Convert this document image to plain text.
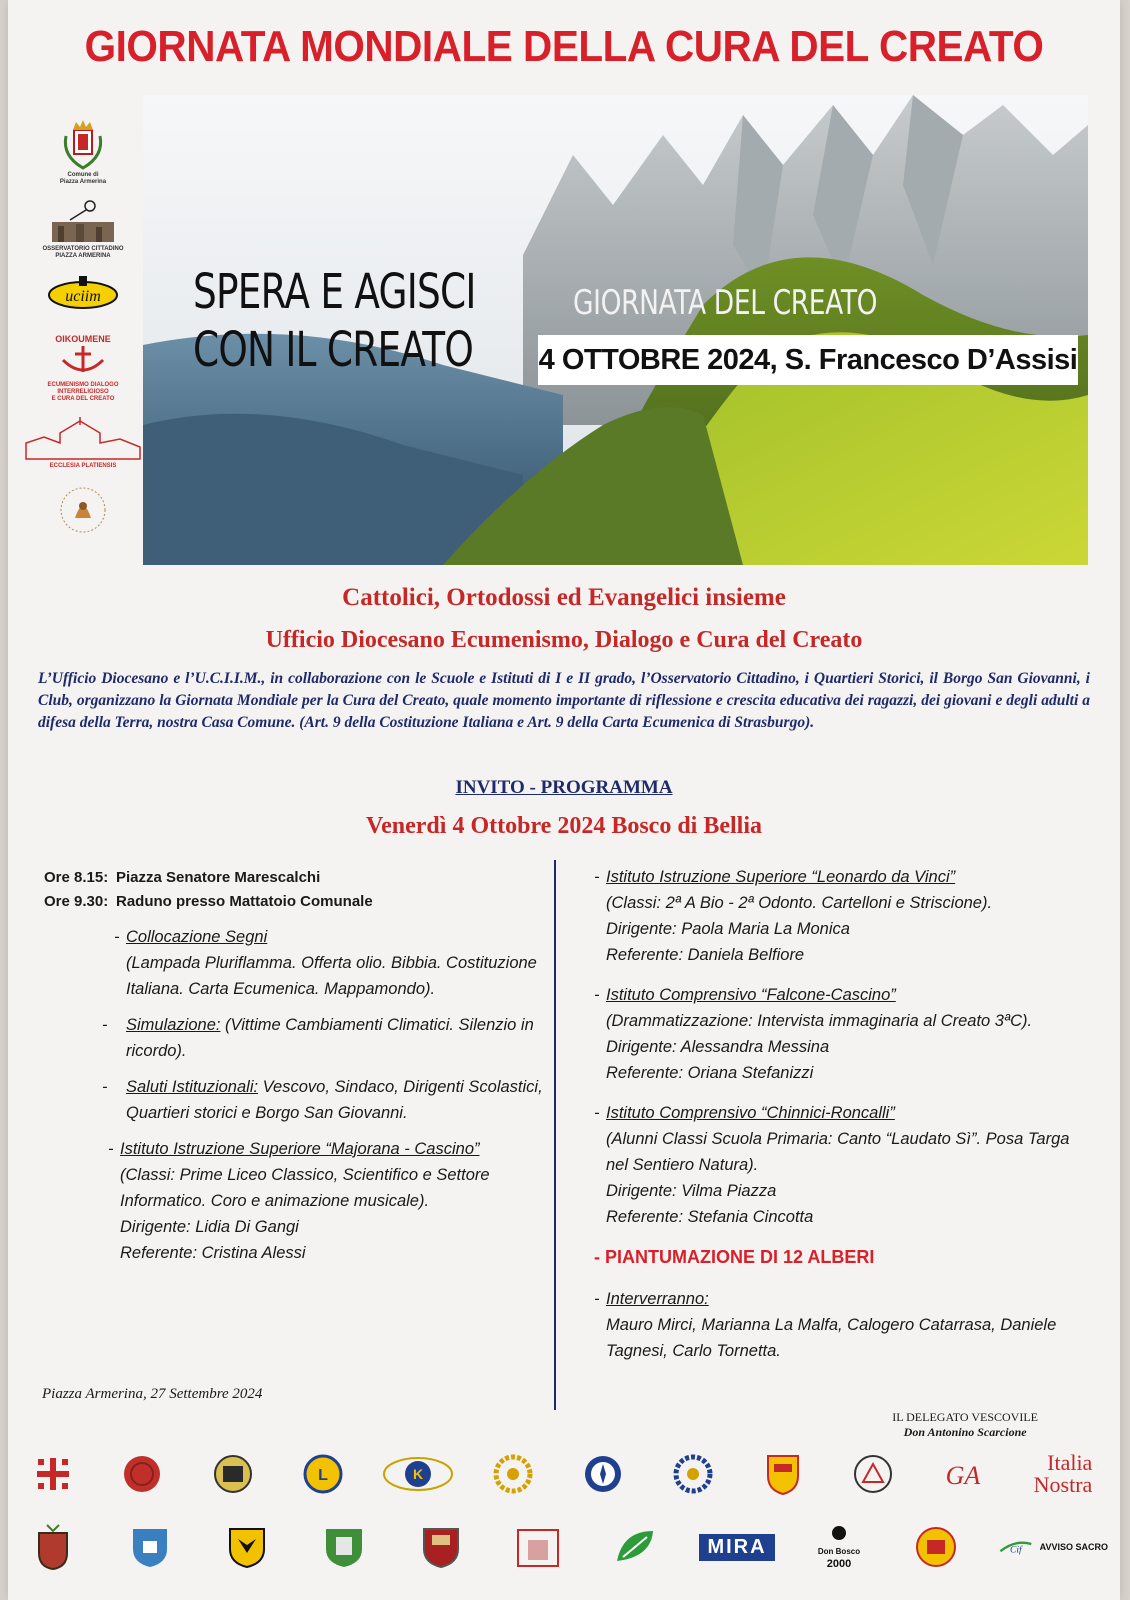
GIORNATA MONDIALE DELLA CURA DEL CREATO
Comune di
Piazza Armerina
OSSERVATORIO CITTADINO
PIAZZA ARMERINA
uciim
OIKOUMENE
ECUMENISMO DIALOGO
INTERRELIGIOSO
E CURA DEL CREATO
ECCLESIA PLATIENSIS
SPERA E AGISCI
CON IL CREATO
GIORNATA DEL CREATO
4 OTTOBRE 2024, S. Francesco D’Assisi
Cattolici, Ortodossi ed Evangelici insieme
Ufficio Diocesano Ecumenismo, Dialogo e Cura del Creato
L’Ufficio Diocesano e l’U.C.I.I.M., in collaborazione con le Scuole e Istituti di I e II grado, l’Osservatorio Cittadino, i Quartieri Storici, il Borgo San Giovanni, i Club, organizzano la Giornata Mondiale per la Cura del Creato, quale momento importante di riflessione e crescita educativa dei ragazzi, dei giovani e degli adulti a difesa della Terra, nostra Casa Comune. (Art. 9 della Costituzione Italiana e Art. 9 della Carta Ecumenica di Strasburgo).
INVITO - PROGRAMMA
Venerdì 4 Ottobre 2024 Bosco di Bellia
Ore 8.15: Piazza Senatore Marescalchi
Ore 9.30: Raduno presso Mattatoio Comunale
- Collocazione Segni
(Lampada Pluriflamma. Offerta olio. Bibbia. Costituzione Italiana. Carta Ecumenica. Mappamondo).
- Simulazione: (Vittime Cambiamenti Climatici. Silenzio in ricordo).
- Saluti Istituzionali: Vescovo, Sindaco, Dirigenti Scolastici, Quartieri storici e Borgo San Giovanni.
- Istituto Istruzione Superiore “Majorana - Cascino”
(Classi: Prime Liceo Classico, Scientifico e Settore Informatico. Coro e animazione musicale).
Dirigente: Lidia Di Gangi
Referente: Cristina Alessi
- Istituto Istruzione Superiore “Leonardo da Vinci”
(Classi: 2ª A Bio - 2ª Odonto. Cartelloni e Striscione).
Dirigente: Paola Maria La Monica
Referente: Daniela Belfiore
- Istituto Comprensivo “Falcone-Cascino”
(Drammatizzazione: Intervista immaginaria al Creato 3ªC).
Dirigente: Alessandra Messina
Referente: Oriana Stefanizzi
- Istituto Comprensivo “Chinnici-Roncalli”
(Alunni Classi Scuola Primaria: Canto “Laudato Sì”. Posa Targa nel Sentiero Natura).
Dirigente: Vilma Piazza
Referente: Stefania Cincotta
- PIANTUMAZIONE DI 12 ALBERI
- Interverranno:
Mauro Mirci, Marianna La Malfa, Calogero Catarrasa, Daniele Tagnesi, Carlo Tornetta.
Piazza Armerina, 27 Settembre 2024
IL DELEGATO VESCOVILE
Don Antonino Scarcione
L	K	GA	Italia
Nostra
MIRA	Don Bosco
2000
Cif AVVISO SACRO
